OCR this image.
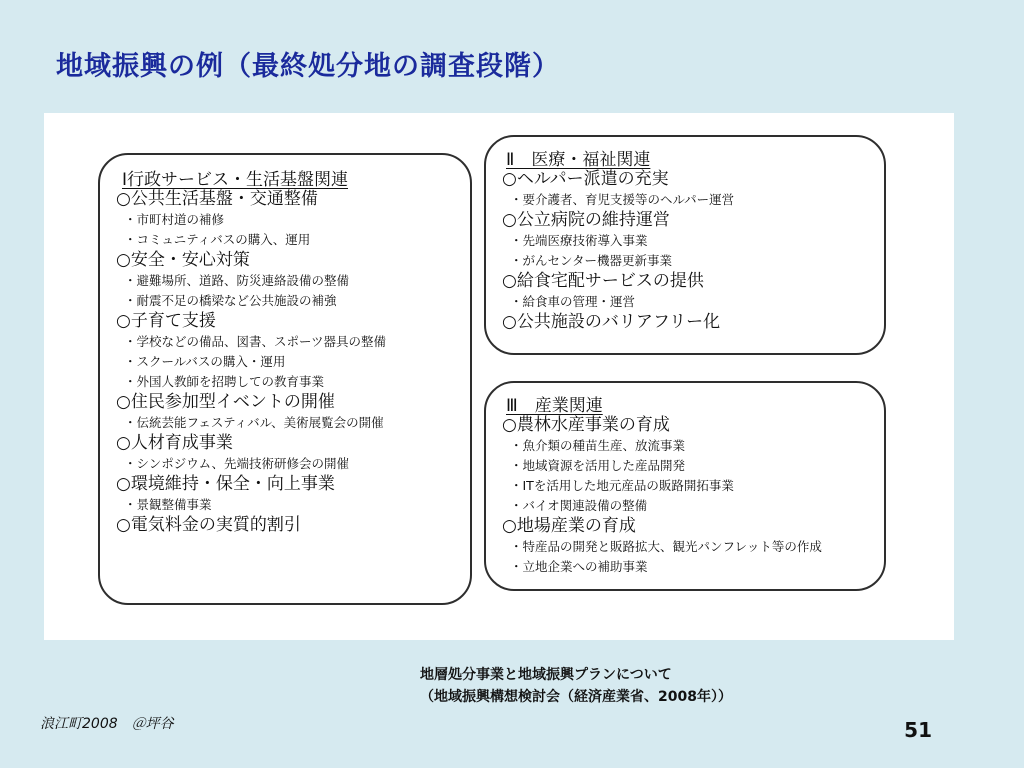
地域振興の例（最終処分地の調査段階）
Ⅰ行政サービス・生活基盤関連
○公共生活基盤・交通整備
・市町村道の補修
・コミュニティバスの購入、運用
○安全・安心対策
・避難場所、道路、防災連絡設備の整備
・耐震不足の橋梁など公共施設の補強
○子育て支援
・学校などの備品、図書、スポーツ器具の整備
・スクールバスの購入・運用
・外国人教師を招聘しての教育事業
○住民参加型イベントの開催
・伝統芸能フェスティバル、美術展覧会の開催
○人材育成事業
・シンポジウム、先端技術研修会の開催
○環境維持・保全・向上事業
・景観整備事業
○電気料金の実質的割引
Ⅱ　医療・福祉関連
○ヘルパー派遣の充実
・要介護者、育児支援等のヘルパー運営
○公立病院の維持運営
・先端医療技術導入事業
・がんセンター機器更新事業
○給食宅配サービスの提供
・給食車の管理・運営
○公共施設のバリアフリー化
Ⅲ　産業関連
○農林水産事業の育成
・魚介類の種苗生産、放流事業
・地域資源を活用した産品開発
・ITを活用した地元産品の販路開拓事業
・バイオ関連設備の整備
○地場産業の育成
・特産品の開発と販路拡大、観光パンフレット等の作成
・立地企業への補助事業
地層処分事業と地域振興プランについて
（地域振興構想検討会（経済産業省、2008年））
浪江町2008　＠坪谷	51
